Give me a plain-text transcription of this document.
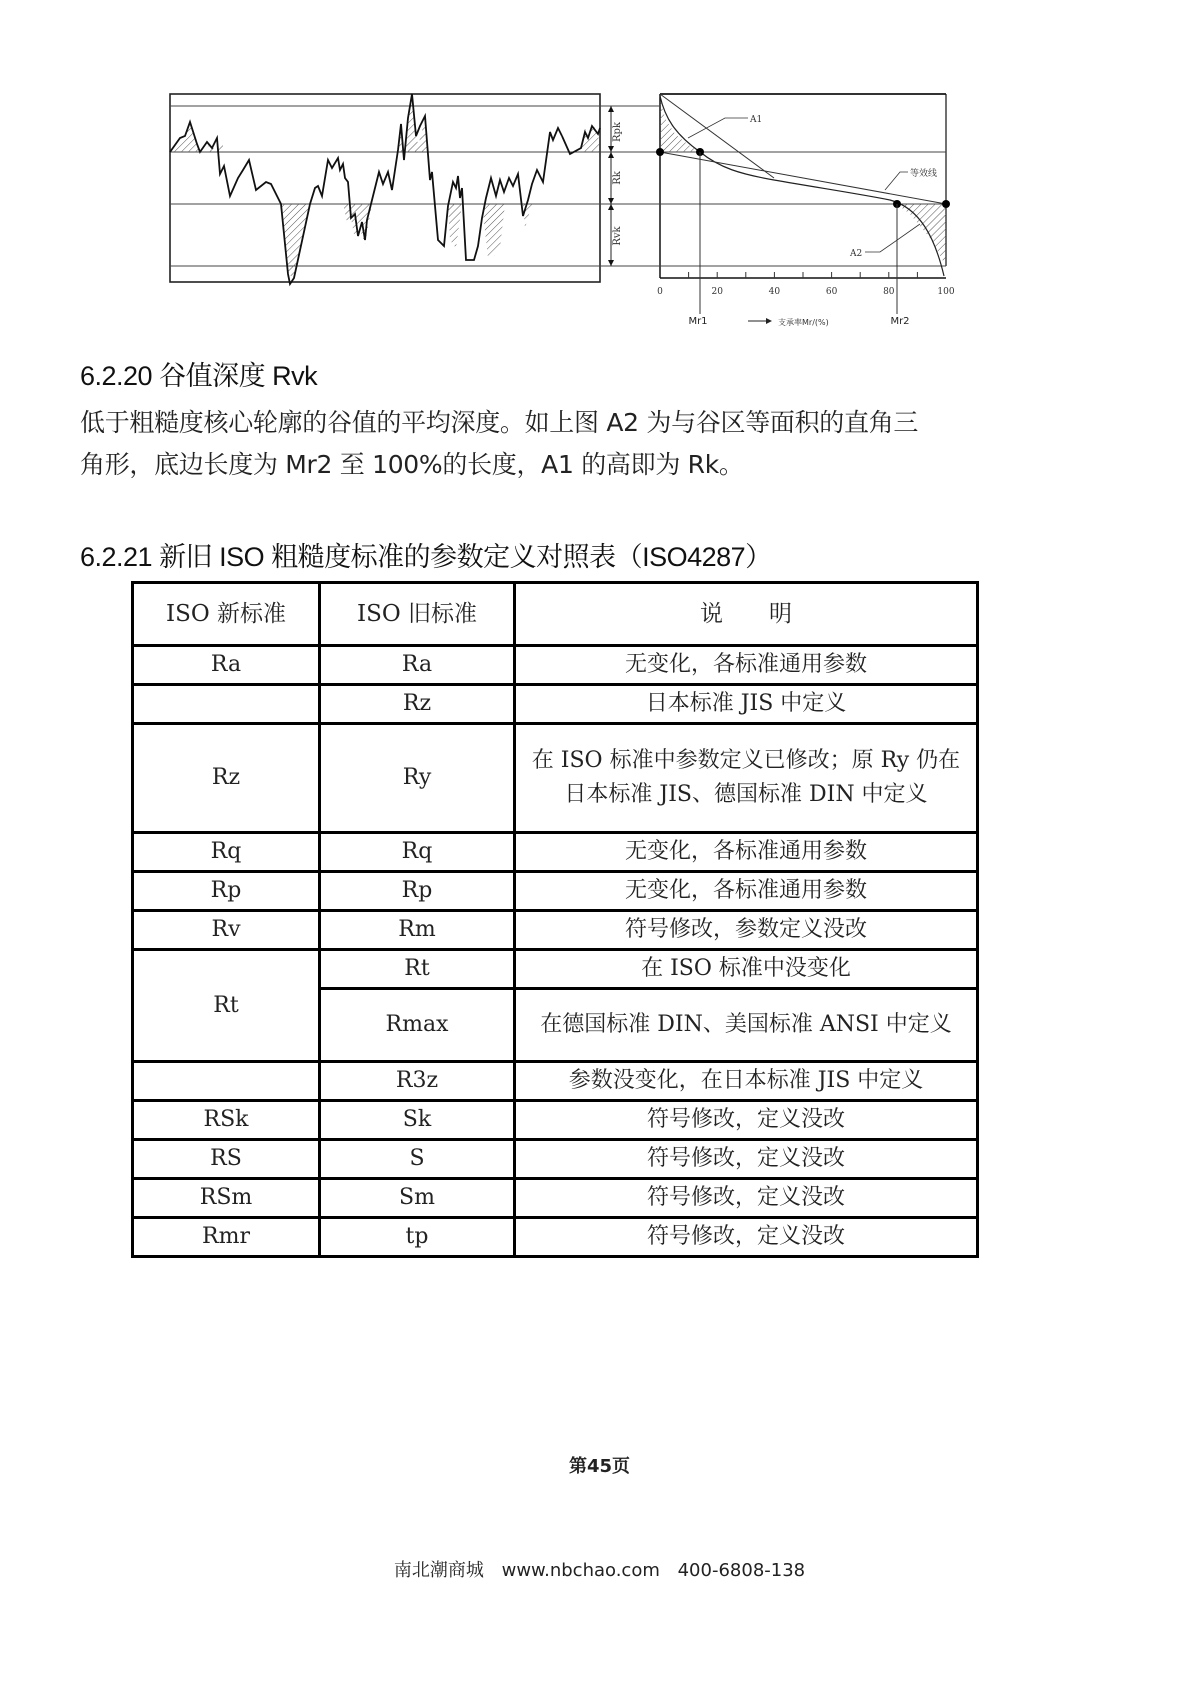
Rpk
Rk
Rvk
A1
等效线
A2
0	20	40	60	80	100
Mr1	Mr2
支承率Mr/(%)
6.2.20 谷值深度 Rvk

低于粗糙度核心轮廓的谷值的平均深度。如上图 A2 为与谷区等面积的直角三

角形，底边长度为 Mr2 至 100%的长度，A1 的高即为 Rk。

6.2.21 新旧 ISO 粗糙度标准的参数定义对照表（ISO4287）
ISO 新标准	ISO 旧标准	说　　明
Ra	Ra	无变化，各标准通用参数
	Rz	日本标准 JIS 中定义
Rz	Ry	在 ISO 标准中参数定义已修改；原 Ry 仍在日本标准 JIS、德国标准 DIN 中定义
Rq	Rq	无变化，各标准通用参数
Rp	Rp	无变化，各标准通用参数
Rv	Rm	符号修改，参数定义没改
Rt	Rt	在 ISO 标准中没变化
	Rmax	在德国标准 DIN、美国标准 ANSI 中定义
	R3z	参数没变化，在日本标准 JIS 中定义
RSk	Sk	符号修改，定义没改
RS	S	符号修改，定义没改
RSm	Sm	符号修改，定义没改
Rmr	tp	符号修改，定义没改
第45页
南北潮商城 www.nbchao.com 400-6808-138
